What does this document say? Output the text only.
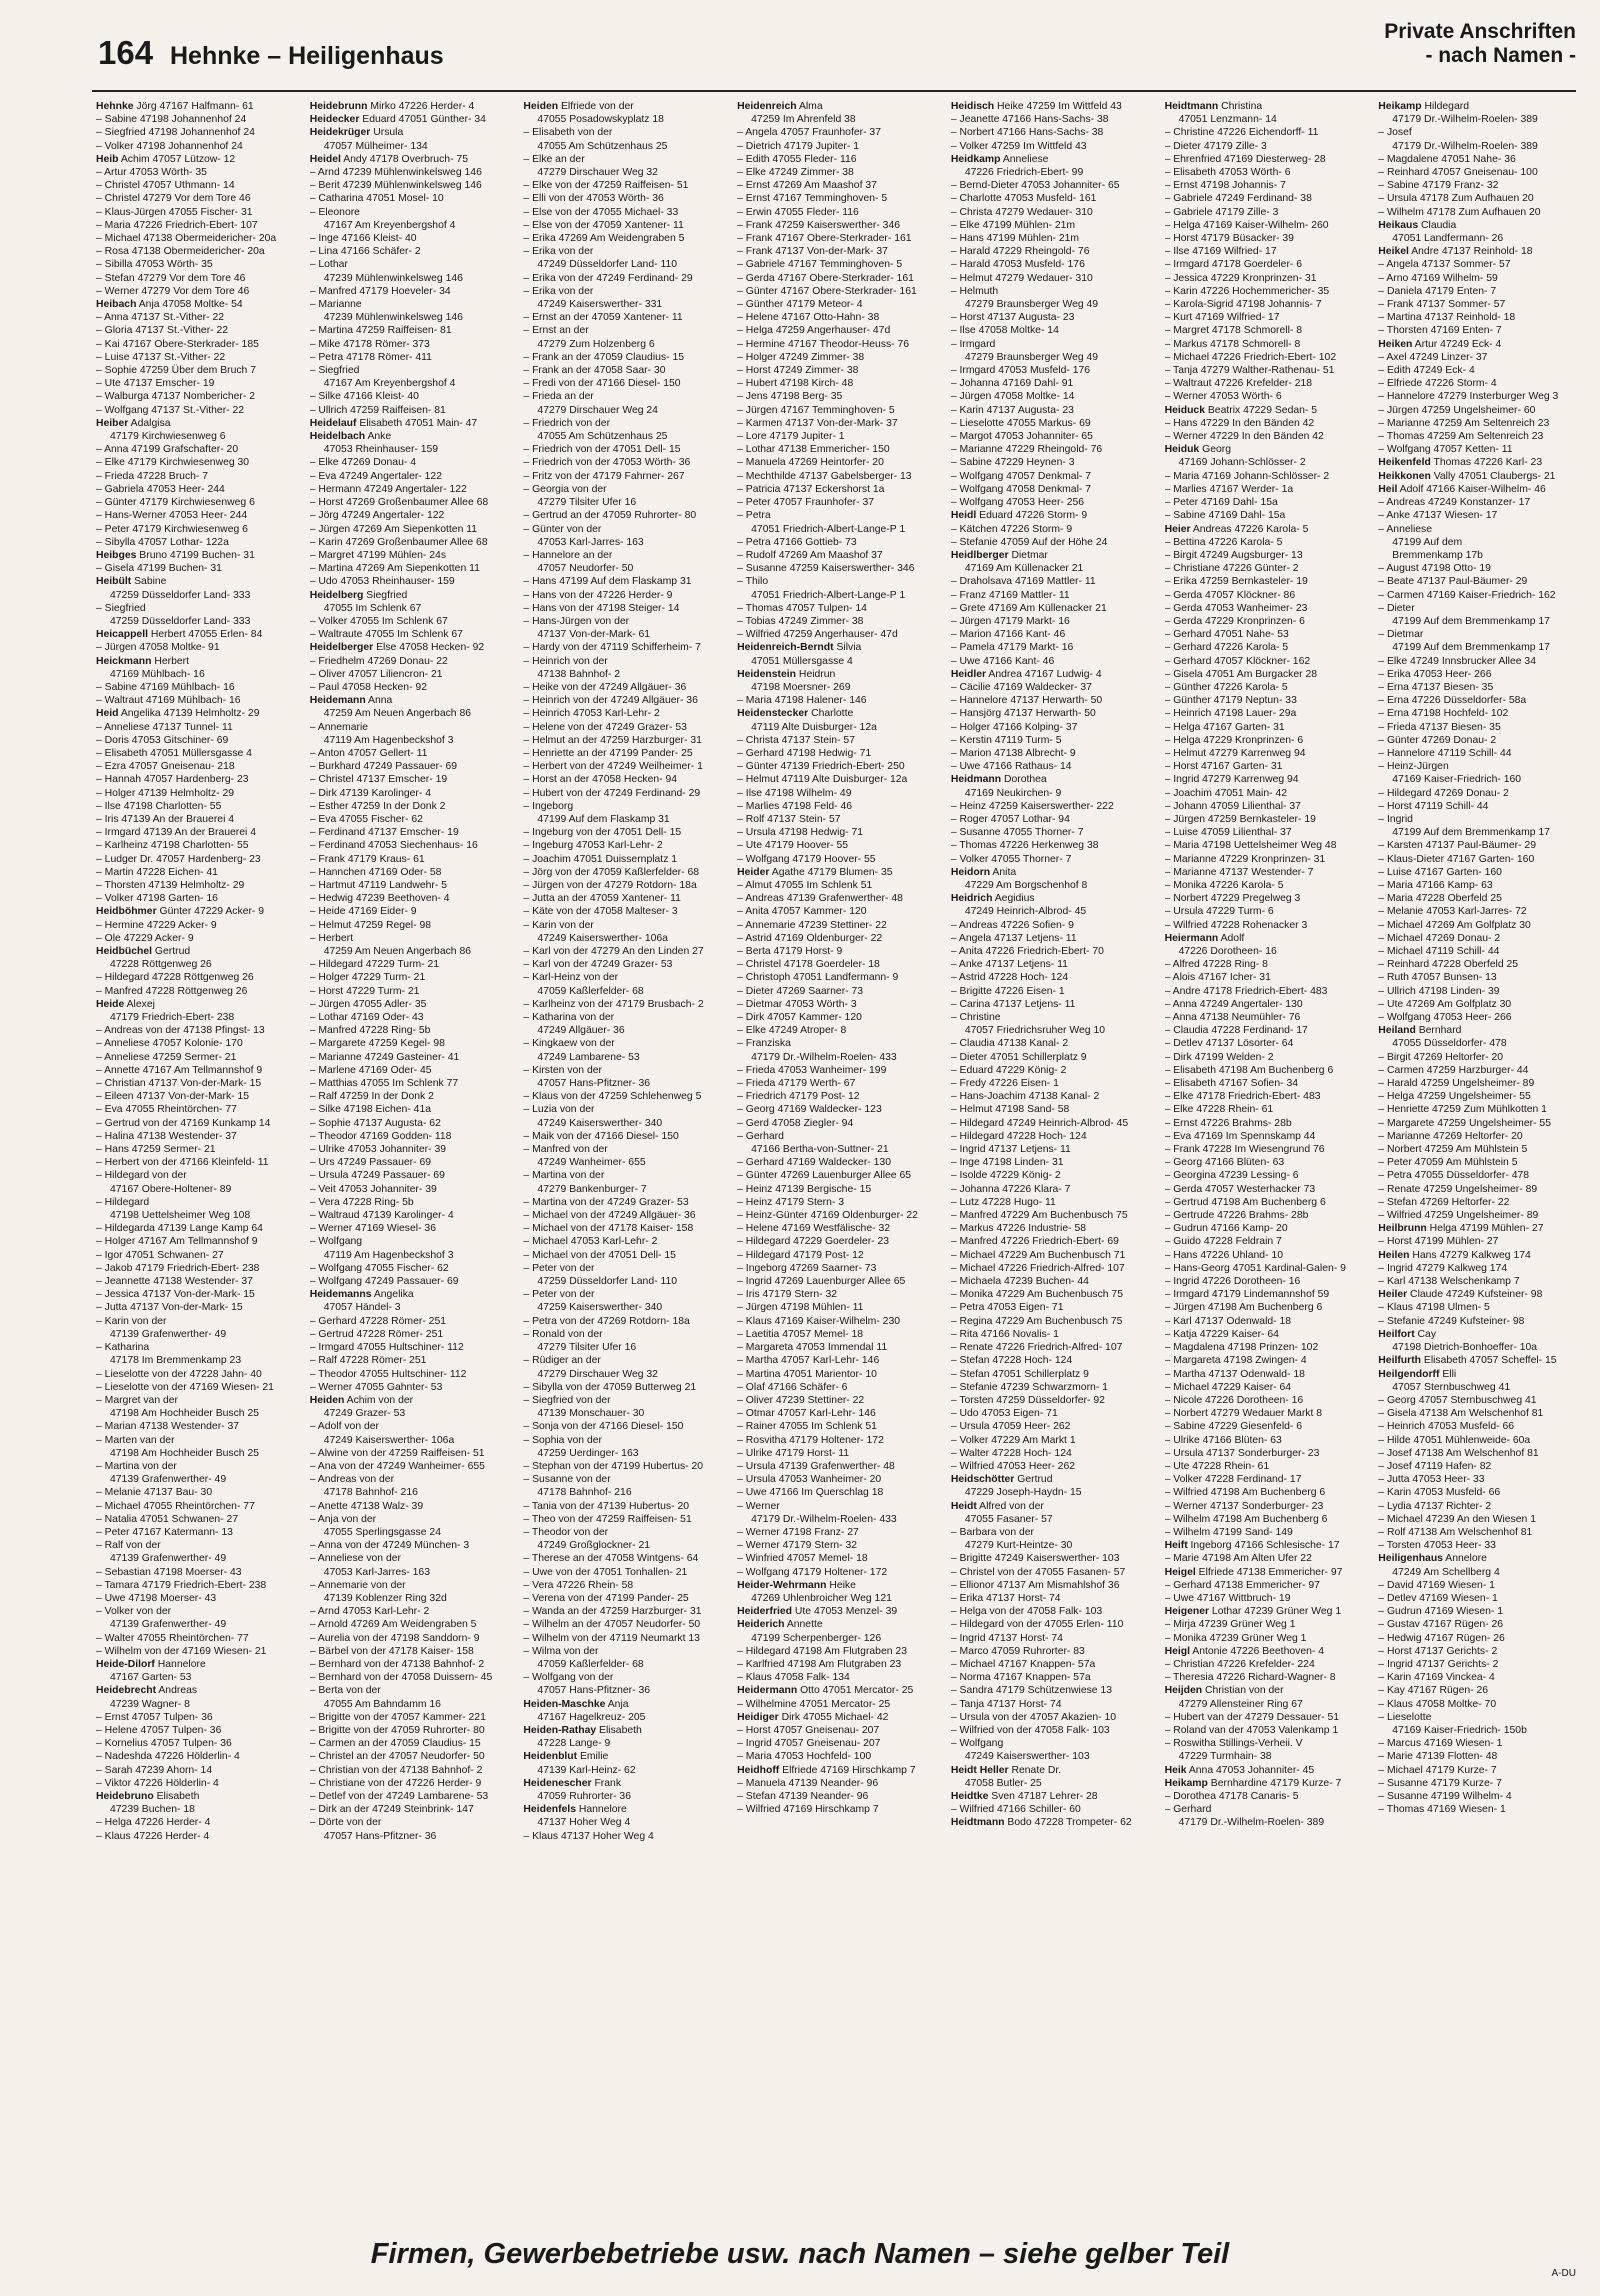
164 Hehnke – Heiligenhaus
Private Anschriften
- nach Namen -
Hehnke Jörg 47167 Halfmann- 61
– Sabine 47198 Johannenhof 24
– Siegfried 47198 Johannenhof 24
– Volker 47198 Johannenhof 24
Heib Achim 47057 Lützow- 12
– Artur 47053 Wörth- 35
– Christel 47057 Uthmann- 14
– Christel 47279 Vor dem Tore 46
– Klaus-Jürgen 47055 Fischer- 31
– Maria 47226 Friedrich-Ebert- 107
– Michael 47138 Obermeidericher- 20a
– Rosa 47138 Obermeidericher- 20a
– Sibilla 47053 Wörth- 35
– Stefan 47279 Vor dem Tore 46
– Werner 47279 Vor dem Tore 46
Heibach Anja 47058 Moltke- 54
– Anna 47137 St.-Vither- 22
– Gloria 47137 St.-Vither- 22
– Kai 47167 Obere-Sterkrader- 185
– Luise 47137 St.-Vither- 22
– Sophie 47259 Über dem Bruch 7
– Ute 47137 Emscher- 19
– Walburga 47137 Nombericher- 2
– Wolfgang 47137 St.-Vither- 22
Heiber Adalgisa
47179 Kirchwiesenweg 6
– Anna 47199 Grafschafter- 20
– Elke 47179 Kirchwiesenweg 30
– Frieda 47228 Bruch- 7
– Gabriela 47053 Heer- 244
– Günter 47179 Kirchwiesenweg 6
– Hans-Werner 47053 Heer- 244
– Peter 47179 Kirchwiesenweg 6
– Sibylla 47057 Lothar- 122a
Heibges Bruno 47199 Buchen- 31
– Gisela 47199 Buchen- 31
Heibült Sabine
47259 Düsseldorfer Land- 333
– Siegfried
47259 Düsseldorfer Land- 333
Heicappell Herbert 47055 Erlen- 84
– Jürgen 47058 Moltke- 91
Heickmann Herbert
47169 Mühlbach- 16
– Sabine 47169 Mühlbach- 16
– Waltraut 47169 Mühlbach- 16
Heid Angelika 47139 Helmholtz- 29
– Anneliese 47137 Tunnel- 11
– Doris 47053 Gitschiner- 69
– Elisabeth 47051 Müllersgasse 4
– Ezra 47057 Gneisenau- 218
– Hannah 47057 Hardenberg- 23
– Holger 47139 Helmholtz- 29
– Ilse 47198 Charlotten- 55
– Iris 47139 An der Brauerei 4
– Irmgard 47139 An der Brauerei 4
– Karlheinz 47198 Charlotten- 55
– Ludger Dr. 47057 Hardenberg- 23
– Martin 47228 Eichen- 41
– Thorsten 47139 Helmholtz- 29
– Volker 47198 Garten- 16
Heidböhmer Günter 47229 Acker- 9
– Hermine 47229 Acker- 9
– Ole 47229 Acker- 9
Heidbüchel Gertrud
47228 Röttgenweg 26
– Hildegard 47228 Röttgenweg 26
– Manfred 47228 Röttgenweg 26
Heide Alexej
47179 Friedrich-Ebert- 238
– Andreas von der 47138 Pfingst- 13
– Anneliese 47057 Kolonie- 170
– Anneliese 47259 Sermer- 21
– Annette 47167 Am Tellmannshof 9
– Christian 47137 Von-der-Mark- 15
– Eileen 47137 Von-der-Mark- 15
– Eva 47055 Rheintörchen- 77
– Gertrud von der 47169 Kunkamp 14
– Halina 47138 Westender- 37
– Hans 47259 Sermer- 21
– Herbert von der 47166 Kleinfeld- 11
– Hildegard von der
47167 Obere-Holtener- 89
– Hildegard
47198 Uettelsheimer Weg 108
– Hildegarda 47139 Lange Kamp 64
– Holger 47167 Am Tellmannshof 9
– Igor 47051 Schwanen- 27
– Jakob 47179 Friedrich-Ebert- 238
– Jeannette 47138 Westender- 37
– Jessica 47137 Von-der-Mark- 15
– Jutta 47137 Von-der-Mark- 15
– Karin von der
47139 Grafenwerther- 49
– Katharina
47178 Im Bremmenkamp 23
– Lieselotte von der 47228 Jahn- 40
– Lieselotte von der 47169 Wiesen- 21
– Margret van der
47198 Am Hochheider Busch 25
– Marian 47138 Westender- 37
– Marten van der
47198 Am Hochheider Busch 25
– Martina von der
47139 Grafenwerther- 49
– Melanie 47137 Bau- 30
– Michael 47055 Rheintörchen- 77
– Natalia 47051 Schwanen- 27
– Peter 47167 Katermann- 13
– Ralf von der
47139 Grafenwerther- 49
– Sebastian 47198 Moerser- 43
– Tamara 47179 Friedrich-Ebert- 238
– Uwe 47198 Moerser- 43
– Volker von der
47139 Grafenwerther- 49
– Walter 47055 Rheintörchen- 77
– Wilhelm von der 47169 Wiesen- 21
Heide-Dilorf Hannelore
47167 Garten- 53
Heidebrecht Andreas
47239 Wagner- 8
– Ernst 47057 Tulpen- 36
– Helene 47057 Tulpen- 36
– Kornelius 47057 Tulpen- 36
– Nadeshda 47226 Hölderlin- 4
– Sarah 47239 Ahorn- 14
– Viktor 47226 Hölderlin- 4
Heidebruno Elisabeth
47239 Buchen- 18
– Helga 47226 Herder- 4
– Klaus 47226 Herder- 4
Heidebrunn Mirko 47226 Herder- 4
Heidecker Eduard 47051 Günther- 34
Heidekrüger Ursula
47057 Mülheimer- 134
Heidel Andy 47178 Overbruch- 75
– Arnd 47239 Mühlenwinkelsweg 146
– Berit 47239 Mühlenwinkelsweg 146
– Catharina 47051 Mosel- 10
– Eleonore
47167 Am Kreyenbergshof 4
– Inge 47166 Kleist- 40
– Lina 47166 Schäfer- 2
– Lothar
47239 Mühlenwinkelsweg 146
– Manfred 47179 Hoeveler- 34
– Marianne
47239 Mühlenwinkelsweg 146
– Martina 47259 Raiffeisen- 81
– Mike 47178 Römer- 373
– Petra 47178 Römer- 411
– Siegfried
47167 Am Kreyenbergshof 4
– Silke 47166 Kleist- 40
– Ullrich 47259 Raiffeisen- 81
Heidelauf Elisabeth 47051 Main- 47
Heidelbach Anke
47053 Rheinhauser- 159
– Elke 47269 Donau- 4
– Eva 47249 Angertaler- 122
– Hermann 47249 Angertaler- 122
– Horst 47269 Großenbaumer Allee 68
– Jörg 47249 Angertaler- 122
– Jürgen 47269 Am Siepenkotten 11
– Karin 47269 Großenbaumer Allee 68
– Margret 47199 Mühlen- 24s
– Martina 47269 Am Siepenkotten 11
– Udo 47053 Rheinhauser- 159
Heidelberg Siegfried
47055 Im Schlenk 67
– Volker 47055 Im Schlenk 67
– Waltraute 47055 Im Schlenk 67
Heidelberger Else 47058 Hecken- 92
– Friedhelm 47269 Donau- 22
– Oliver 47057 Liliencron- 21
– Paul 47058 Hecken- 92
Heidemann Anna
47259 Am Neuen Angerbach 86
– Annemarie
47119 Am Hagenbeckshof 3
– Anton 47057 Gellert- 11
– Burkhard 47249 Passauer- 69
– Christel 47137 Emscher- 19
– Dirk 47139 Karolinger- 4
– Esther 47259 In der Donk 2
– Eva 47055 Fischer- 62
– Ferdinand 47137 Emscher- 19
– Ferdinand 47053 Siechenhaus- 16
– Frank 47179 Kraus- 61
– Hannchen 47169 Oder- 58
– Hartmut 47119 Landwehr- 5
– Hedwig 47239 Beethoven- 4
– Heide 47169 Eider- 9
– Helmut 47259 Regel- 98
– Herbert
47259 Am Neuen Angerbach 86
– Hildegard 47229 Turm- 21
– Holger 47229 Turm- 21
– Horst 47229 Turm- 21
– Jürgen 47055 Adler- 35
– Lothar 47169 Oder- 43
– Manfred 47228 Ring- 5b
– Margarete 47259 Kegel- 98
– Marianne 47249 Gasteiner- 41
– Marlene 47169 Oder- 45
– Matthias 47055 Im Schlenk 77
– Ralf 47259 In der Donk 2
– Silke 47198 Eichen- 41a
– Sophie 47137 Augusta- 62
– Theodor 47169 Godden- 118
– Ulrike 47053 Johanniter- 39
– Urs 47249 Passauer- 69
– Ursula 47249 Passauer- 69
– Veit 47053 Johanniter- 39
– Vera 47228 Ring- 5b
– Waltraud 47139 Karolinger- 4
– Werner 47169 Wiesel- 36
– Wolfgang
47119 Am Hagenbeckshof 3
– Wolfgang 47055 Fischer- 62
– Wolfgang 47249 Passauer- 69
Heidemanns Angelika
47057 Händel- 3
– Gerhard 47228 Römer- 251
– Gertrud 47228 Römer- 251
– Irmgard 47055 Hultschiner- 112
– Ralf 47228 Römer- 251
– Theodor 47055 Hultschiner- 112
– Werner 47055 Gahnter- 53
Heiden Achim von der
47249 Grazer- 53
– Adolf von der
47249 Kaiserswerther- 106a
– Alwine von der 47259 Raiffeisen- 51
– Ana von der 47249 Wanheimer- 655
– Andreas von der
47178 Bahnhof- 216
– Anette 47138 Walz- 39
– Anja von der
47055 Sperlingsgasse 24
– Anna von der 47249 München- 3
– Anneliese von der
47053 Karl-Jarres- 163
– Annemarie von der
47139 Koblenzer Ring 32d
– Arnd 47053 Karl-Lehr- 2
– Arnold 47269 Am Weidengraben 5
– Aurelia von der 47198 Sanddorn- 9
– Bärbel von der 47178 Kaiser- 158
– Bernhard von der 47138 Bahnhof- 2
– Bernhard von der 47058 Duissern- 45
– Berta von der
47055 Am Bahndamm 16
– Brigitte von der 47057 Kammer- 221
– Brigitte von der 47059 Ruhrorter- 80
– Carmen an der 47059 Claudius- 15
– Christel an der 47057 Neudorfer- 50
– Christian von der 47138 Bahnhof- 2
– Christiane von der 47226 Herder- 9
– Detlef von der 47249 Lambarene- 53
– Dirk an der 47249 Steinbrink- 147
– Dörte von der
47057 Hans-Pfitzner- 36
Heiden Elfriede von der
47055 Posadowskyplatz 18
– Elisabeth von der
47055 Am Schützenhaus 25
– Elke an der
47279 Dirschauer Weg 32
– Elke von der 47259 Raiffeisen- 51
– Elli von der 47053 Wörth- 36
– Else von der 47055 Michael- 33
– Else von der 47059 Xantener- 11
– Erika 47269 Am Weidengraben 5
– Erika von der
47249 Düsseldorfer Land- 110
– Erika von der 47249 Ferdinand- 29
– Erika von der
47249 Kaiserswerther- 331
– Ernst an der 47059 Xantener- 11
– Ernst an der
47279 Zum Holzenberg 6
– Frank an der 47059 Claudius- 15
– Frank an der 47058 Saar- 30
– Fredi von der 47166 Diesel- 150
– Frieda an der
47279 Dirschauer Weg 24
– Friedrich von der
47055 Am Schützenhaus 25
– Friedrich von der 47051 Dell- 15
– Friedrich von der 47053 Wörth- 36
– Fritz von der 47179 Fahrner- 267
– Georgia von der
47279 Tilsiter Ufer 16
– Gertrud an der 47059 Ruhrorter- 80
– Günter von der
47053 Karl-Jarres- 163
– Hannelore an der
47057 Neudorfer- 50
– Hans 47199 Auf dem Flaskamp 31
– Hans von der 47226 Herder- 9
– Hans von der 47198 Steiger- 14
– Hans-Jürgen von der
47137 Von-der-Mark- 61
– Hardy von der 47119 Schifferheim- 7
– Heinrich von der
47138 Bahnhof- 2
– Heike von der 47249 Allgäuer- 36
– Heinrich von der 47249 Allgäuer- 36
– Heinrich 47053 Karl-Lehr- 2
– Helene von der 47249 Grazer- 53
– Helmut an der 47259 Harzburger- 31
– Henriette an der 47199 Pander- 25
– Herbert von der 47249 Weilheimer- 1
– Horst an der 47058 Hecken- 94
– Hubert von der 47249 Ferdinand- 29
– Ingeborg
47199 Auf dem Flaskamp 31
– Ingeburg von der 47051 Dell- 15
– Ingeburg 47053 Karl-Lehr- 2
– Joachim 47051 Duissernplatz 1
– Jörg von der 47059 Kaßlerfelder- 68
– Jürgen von der 47279 Rotdorn- 18a
– Jutta an der 47059 Xantener- 11
– Käte von der 47058 Malteser- 3
– Karin von der
47249 Kaiserswerther- 106a
– Karl von der 47279 An den Linden 27
– Karl von der 47249 Grazer- 53
– Karl-Heinz von der
47059 Kaßlerfelder- 68
– Karlheinz von der 47179 Brusbach- 2
– Katharina von der
47249 Allgäuer- 36
– Kingkaew von der
47249 Lambarene- 53
– Kirsten von der
47057 Hans-Pfitzner- 36
– Klaus von der 47259 Schlehenweg 5
– Luzia von der
47249 Kaiserswerther- 340
– Maik von der 47166 Diesel- 150
– Manfred von der
47249 Wanheimer- 655
– Martina von der
47279 Bankenburger- 7
– Martina von der 47249 Grazer- 53
– Michael von der 47249 Allgäuer- 36
– Michael von der 47178 Kaiser- 158
– Michael 47053 Karl-Lehr- 2
– Michael von der 47051 Dell- 15
– Peter von der
47259 Düsseldorfer Land- 110
– Peter von der
47259 Kaiserswerther- 340
– Petra von der 47269 Rotdorn- 18a
– Ronald von der
47279 Tilsiter Ufer 16
– Rüdiger an der
47279 Dirschauer Weg 32
– Sibylla von der 47059 Butterweg 21
– Siegfried von der
47139 Monschauer- 30
– Sonja von der 47166 Diesel- 150
– Sophia von der
47259 Uerdinger- 163
– Stephan von der 47199 Hubertus- 20
– Susanne von der
47178 Bahnhof- 216
– Tania von der 47139 Hubertus- 20
– Theo von der 47259 Raiffeisen- 51
– Theodor von der
47249 Großglockner- 21
– Therese an der 47058 Wintgens- 64
– Uwe von der 47051 Tonhallen- 21
– Vera 47226 Rhein- 58
– Verena von der 47199 Pander- 25
– Wanda an der 47259 Harzburger- 31
– Wilhelm an der 47057 Neudorfer- 50
– Wilhelm von der 47119 Neumarkt 13
– Wilma von der
47059 Kaßlerfelder- 68
– Wolfgang von der
47057 Hans-Pfitzner- 36
Heiden-Maschke Anja
47167 Hagelkreuz- 205
Heiden-Rathay Elisabeth
47228 Lange- 9
Heidenblut Emilie
47139 Karl-Heinz- 62
Heidenescher Frank
47059 Ruhrorter- 36
Heidenfels Hannelore
47137 Hoher Weg 4
– Klaus 47137 Hoher Weg 4
Heidenreich Alma
47259 Im Ahrenfeld 38
– Angela 47057 Fraunhofer- 37
– Dietrich 47179 Jupiter- 1
– Edith 47055 Fleder- 116
– Elke 47249 Zimmer- 38
– Ernst 47269 Am Maashof 37
– Ernst 47167 Temminghoven- 5
– Erwin 47055 Fleder- 116
– Frank 47259 Kaiserswerther- 346
– Frank 47167 Obere-Sterkrader- 161
– Frank 47137 Von-der-Mark- 37
– Gabriele 47167 Temminghoven- 5
– Gerda 47167 Obere-Sterkrader- 161
– Günter 47167 Obere-Sterkrader- 161
– Günther 47179 Meteor- 4
– Helene 47167 Otto-Hahn- 38
– Helga 47259 Angerhauser- 47d
– Hermine 47167 Theodor-Heuss- 76
– Holger 47249 Zimmer- 38
– Horst 47249 Zimmer- 38
– Hubert 47198 Kirch- 48
– Jens 47198 Berg- 35
– Jürgen 47167 Temminghoven- 5
– Karmen 47137 Von-der-Mark- 37
– Lore 47179 Jupiter- 1
– Lothar 47138 Emmericher- 150
– Manuela 47269 Heintorfer- 20
– Mechthilde 47137 Gabelsberger- 13
– Patricia 47137 Eckershorst 1a
– Peter 47057 Fraunhofer- 37
– Petra
47051 Friedrich-Albert-Lange-P 1
– Petra 47166 Gottieb- 73
– Rudolf 47269 Am Maashof 37
– Susanne 47259 Kaiserswerther- 346
– Thilo
47051 Friedrich-Albert-Lange-P 1
– Thomas 47057 Tulpen- 14
– Tobias 47249 Zimmer- 38
– Wilfried 47259 Angerhauser- 47d
Heidenreich-Berndt Silvia
47051 Müllersgasse 4
Heidenstein Heidrun
47198 Moersner- 269
– Maria 47198 Halener- 146
Heidenstecker Charlotte
47119 Alte Duisburger- 12a
– Christa 47137 Stein- 57
– Gerhard 47198 Hedwig- 71
– Günter 47139 Friedrich-Ebert- 250
– Helmut 47119 Alte Duisburger- 12a
– Ilse 47198 Wilhelm- 49
– Marlies 47198 Feld- 46
– Rolf 47137 Stein- 57
– Ursula 47198 Hedwig- 71
– Ute 47179 Hoover- 55
– Wolfgang 47179 Hoover- 55
Heider Agathe 47179 Blumen- 35
– Almut 47055 Im Schlenk 51
– Andreas 47139 Grafenwerther- 48
– Anita 47057 Kammer- 120
– Annemarie 47239 Stettiner- 22
– Astrid 47169 Oldenburger- 22
– Berta 47179 Horst- 9
– Christel 47178 Goerdeler- 18
– Christoph 47051 Landfermann- 9
– Dieter 47269 Saarner- 73
– Dietmar 47053 Wörth- 3
– Dirk 47057 Kammer- 120
– Elke 47249 Atroper- 8
– Franziska
47179 Dr.-Wilhelm-Roelen- 433
– Frieda 47053 Wanheimer- 199
– Frieda 47179 Werth- 67
– Friedrich 47179 Post- 12
– Georg 47169 Waldecker- 123
– Gerd 47058 Ziegler- 94
– Gerhard
47166 Bertha-von-Suttner- 21
– Gerhard 47169 Waldecker- 130
– Günter 47269 Lauenburger Allee 65
– Heinz 47139 Bergische- 15
– Heinz 47179 Stern- 3
– Heinz-Günter 47169 Oldenburger- 22
– Helene 47169 Westfälische- 32
– Hildegard 47229 Goerdeler- 23
– Hildegard 47179 Post- 12
– Ingeborg 47269 Saarner- 73
– Ingrid 47269 Lauenburger Allee 65
– Iris 47179 Stern- 32
– Jürgen 47198 Mühlen- 11
– Klaus 47169 Kaiser-Wilhelm- 230
– Laetitia 47057 Memel- 18
– Margareta 47053 Immendal 11
– Martha 47057 Karl-Lehr- 146
– Martina 47051 Marientor- 10
– Olaf 47166 Schäfer- 6
– Oliver 47239 Stettiner- 22
– Otmar 47057 Karl-Lehr- 146
– Rainer 47055 Im Schlenk 51
– Rosvitha 47179 Holtener- 172
– Ulrike 47179 Horst- 11
– Ursula 47139 Grafenwerther- 48
– Ursula 47053 Wanheimer- 20
– Uwe 47166 Im Querschlag 18
– Werner
47179 Dr.-Wilhelm-Roelen- 433
– Werner 47198 Franz- 27
– Werner 47179 Stern- 32
– Winfried 47057 Memel- 18
– Wolfgang 47179 Holtener- 172
Heider-Wehrmann Heike
47269 Uhlenbroicher Weg 121
Heiderfried Ute 47053 Menzel- 39
Heiderich Annette
47199 Scherpenberger- 126
– Hildegard 47198 Am Flutgraben 23
– Karlfried 47198 Am Flutgraben 23
– Klaus 47058 Falk- 134
Heidermann Otto 47051 Mercator- 25
– Wilhelmine 47051 Mercator- 25
Heidiger Dirk 47055 Michael- 42
– Horst 47057 Gneisenau- 207
– Ingrid 47057 Gneisenau- 207
– Maria 47053 Hochfeld- 100
Heidhoff Elfriede 47169 Hirschkamp 7
– Manuela 47139 Neander- 96
– Stefan 47139 Neander- 96
– Wilfried 47169 Hirschkamp 7
Heidisch Heike 47259 Im Wittfeld 43
– Jeanette 47166 Hans-Sachs- 38
– Norbert 47166 Hans-Sachs- 38
– Volker 47259 Im Wittfeld 43
Heidkamp Anneliese
47226 Friedrich-Ebert- 99
– Bernd-Dieter 47053 Johanniter- 65
– Charlotte 47053 Musfeld- 161
– Christa 47279 Wedauer- 310
– Elke 47199 Mühlen- 21m
– Hans 47199 Mühlen- 21m
– Harald 47229 Rheingold- 76
– Harald 47053 Musfeld- 176
– Helmut 47279 Wedauer- 310
– Helmuth
47279 Braunsberger Weg 49
– Horst 47137 Augusta- 23
– Ilse 47058 Moltke- 14
– Irmgard
47279 Braunsberger Weg 49
– Irmgard 47053 Musfeld- 176
– Johanna 47169 Dahl- 91
– Jürgen 47058 Moltke- 14
– Karin 47137 Augusta- 23
– Lieselotte 47055 Markus- 69
– Margot 47053 Johanniter- 65
– Marianne 47229 Rheingold- 76
– Sabine 47229 Heynen- 3
– Wolfgang 47057 Denkmal- 7
– Wolfgang 47058 Denkmal- 7
– Wolfgang 47053 Heer- 256
Heidl Eduard 47226 Storm- 9
– Kätchen 47226 Storm- 9
– Stefanie 47059 Auf der Höhe 24
Heidlberger Dietmar
47169 Am Küllenacker 21
– Draholsava 47169 Mattler- 11
– Franz 47169 Mattler- 11
– Grete 47169 Am Küllenacker 21
– Jürgen 47179 Markt- 16
– Marion 47166 Kant- 46
– Pamela 47179 Markt- 16
– Uwe 47166 Kant- 46
Heidler Andrea 47167 Ludwig- 4
– Cäcilie 47169 Waldecker- 37
– Hannelore 47137 Herwarth- 50
– Hansjörg 47137 Herwarth- 50
– Holger 47166 Kolping- 37
– Kerstin 47119 Turm- 5
– Marion 47138 Albrecht- 9
– Uwe 47166 Rathaus- 14
Heidmann Dorothea
47169 Neukirchen- 9
– Heinz 47259 Kaiserswerther- 222
– Roger 47057 Lothar- 94
– Susanne 47055 Thorner- 7
– Thomas 47226 Herkenweg 38
– Volker 47055 Thorner- 7
Heidorn Anita
47229 Am Borgschenhof 8
Heidrich Aegidius
47249 Heinrich-Albrod- 45
– Andreas 47226 Sofien- 9
– Angela 47137 Letjens- 11
– Anita 47226 Friedrich-Ebert- 70
– Anke 47137 Letjens- 11
– Astrid 47228 Hoch- 124
– Brigitte 47226 Eisen- 1
– Carina 47137 Letjens- 11
– Christine
47057 Friedrichsruher Weg 10
– Claudia 47138 Kanal- 2
– Dieter 47051 Schillerplatz 9
– Eduard 47229 König- 2
– Fredy 47226 Eisen- 1
– Hans-Joachim 47138 Kanal- 2
– Helmut 47198 Sand- 58
– Hildegard 47249 Heinrich-Albrod- 45
– Hildegard 47228 Hoch- 124
– Ingrid 47137 Letjens- 11
– Inge 47198 Linden- 31
– Isolde 47229 König- 2
– Johanna 47226 Klara- 7
– Lutz 47228 Hugo- 11
– Manfred 47229 Am Buchenbusch 75
– Markus 47226 Industrie- 58
– Manfred 47226 Friedrich-Ebert- 69
– Michael 47229 Am Buchenbusch 71
– Michael 47226 Friedrich-Alfred- 107
– Michaela 47239 Buchen- 44
– Monika 47229 Am Buchenbusch 75
– Petra 47053 Eigen- 71
– Regina 47229 Am Buchenbusch 75
– Rita 47166 Novalis- 1
– Renate 47226 Friedrich-Alfred- 107
– Stefan 47228 Hoch- 124
– Stefan 47051 Schillerplatz 9
– Stefanie 47239 Schwarzmorn- 1
– Torsten 47259 Düsseldorfer- 92
– Udo 47053 Eigen- 71
– Ursula 47059 Heer- 262
– Volker 47229 Am Markt 1
– Walter 47228 Hoch- 124
– Wilfried 47053 Heer- 262
Heidschötter Gertrud
47229 Joseph-Haydn- 15
Heidt Alfred von der
47055 Fasaner- 57
– Barbara von der
47279 Kurt-Heintze- 30
– Brigitte 47249 Kaiserswerther- 103
– Christel von der 47055 Fasanen- 57
– Ellionor 47137 Am Mismahlshof 36
– Erika 47137 Horst- 74
– Helga von der 47058 Falk- 103
– Hildegard von der 47055 Erlen- 110
– Ingrid 47137 Horst- 74
– Marco 47059 Ruhrorter- 83
– Michael 47167 Knappen- 57a
– Norma 47167 Knappen- 57a
– Sandra 47179 Schützenwiese 13
– Tanja 47137 Horst- 74
– Ursula von der 47057 Akazien- 10
– Wilfried von der 47058 Falk- 103
– Wolfgang
47249 Kaiserswerther- 103
Heidt Heller Renate Dr.
47058 Butler- 25
Heidtke Sven 47187 Lehrer- 28
– Wilfried 47166 Schiller- 60
Heidtmann Bodo 47228 Trompeter- 62
Heidtmann Christina
47051 Lenzmann- 14
– Christine 47226 Eichendorff- 11
– Dieter 47179 Zille- 3
– Ehrenfried 47169 Diesterweg- 28
– Elisabeth 47053 Wörth- 6
– Ernst 47198 Johannis- 7
– Gabriele 47249 Ferdinand- 38
– Gabriele 47179 Zille- 3
– Helga 47169 Kaiser-Wilhelm- 260
– Horst 47179 Büsacker- 39
– Ilse 47169 Wilfried- 17
– Irmgard 47178 Goerdeler- 6
– Jessica 47229 Kronprinzen- 31
– Karin 47226 Hochemmericher- 35
– Karola-Sigrid 47198 Johannis- 7
– Kurt 47169 Wilfried- 17
– Margret 47178 Schmorell- 8
– Markus 47178 Schmorell- 8
– Michael 47226 Friedrich-Ebert- 102
– Tanja 47279 Walther-Rathenau- 51
– Waltraut 47226 Krefelder- 218
– Werner 47053 Wörth- 6
Heiduck Beatrix 47229 Sedan- 5
– Hans 47229 In den Bänden 42
– Werner 47229 In den Bänden 42
Heiduk Georg
47169 Johann-Schlösser- 2
– Maria 47169 Johann-Schlösser- 2
– Marlies 47167 Werder- 1a
– Peter 47169 Dahl- 15a
– Sabine 47169 Dahl- 15a
Heier Andreas 47226 Karola- 5
– Bettina 47226 Karola- 5
– Birgit 47249 Augsburger- 13
– Christiane 47226 Günter- 2
– Erika 47259 Bernkasteler- 19
– Gerda 47057 Klöckner- 86
– Gerda 47053 Wanheimer- 23
– Gerda 47229 Kronprinzen- 6
– Gerhard 47051 Nahe- 53
– Gerhard 47226 Karola- 5
– Gerhard 47057 Klöckner- 162
– Gisela 47051 Am Burgacker 28
– Günther 47226 Karola- 5
– Günther 47179 Neptun- 33
– Heinrich 47198 Lauer- 29a
– Helga 47167 Garten- 31
– Helga 47229 Kronprinzen- 6
– Helmut 47279 Karrenweg 94
– Horst 47167 Garten- 31
– Ingrid 47279 Karrenweg 94
– Joachim 47051 Main- 42
– Johann 47059 Lilienthal- 37
– Jürgen 47259 Bernkasteler- 19
– Luise 47059 Lilienthal- 37
– Maria 47198 Uettelsheimer Weg 48
– Marianne 47229 Kronprinzen- 31
– Marianne 47137 Westender- 7
– Monika 47226 Karola- 5
– Norbert 47229 Pregelweg 3
– Ursula 47229 Turm- 6
– Wilfried 47228 Rohenacker 3
Heiermann Adolf
47226 Dorotheen- 16
– Alfred 47228 Ring- 8
– Alois 47167 Icher- 31
– Andre 47178 Friedrich-Ebert- 483
– Anna 47249 Angertaler- 130
– Anna 47138 Neumühler- 76
– Claudia 47228 Ferdinand- 17
– Detlev 47137 Lösorter- 64
– Dirk 47199 Welden- 2
– Elisabeth 47198 Am Buchenberg 6
– Elisabeth 47167 Sofien- 34
– Elke 47178 Friedrich-Ebert- 483
– Elke 47228 Rhein- 61
– Ernst 47226 Brahms- 28b
– Eva 47169 Im Spennskamp 44
– Frank 47228 Im Wiesengrund 76
– Georg 47166 Blüten- 63
– Georgina 47239 Lessing- 6
– Gerda 47057 Westerhacker 73
– Gertrud 47198 Am Buchenberg 6
– Gertrude 47226 Brahms- 28b
– Gudrun 47166 Kamp- 20
– Guido 47228 Feldrain 7
– Hans 47226 Uhland- 10
– Hans-Georg 47051 Kardinal-Galen- 9
– Ingrid 47226 Dorotheen- 16
– Irmgard 47179 Lindemannshof 59
– Jürgen 47198 Am Buchenberg 6
– Karl 47137 Odenwald- 18
– Katja 47229 Kaiser- 64
– Magdalena 47198 Prinzen- 102
– Margareta 47198 Zwingen- 4
– Martha 47137 Odenwald- 18
– Michael 47229 Kaiser- 64
– Nicole 47226 Dorotheen- 16
– Norbert 47279 Wedauer Markt 8
– Sabine 47229 Giesenfeld- 6
– Ulrike 47166 Blüten- 63
– Ursula 47137 Sonderburger- 23
– Ute 47228 Rhein- 61
– Volker 47228 Ferdinand- 17
– Wilfried 47198 Am Buchenberg 6
– Werner 47137 Sonderburger- 23
– Wilhelm 47198 Am Buchenberg 6
– Wilhelm 47199 Sand- 149
Heift Ingeborg 47166 Schlesische- 17
– Marie 47198 Am Alten Ufer 22
Heigel Elfriede 47138 Emmericher- 97
– Gerhard 47138 Emmericher- 97
– Uwe 47167 Wittbruch- 19
Heigener Lothar 47239 Grüner Weg 1
– Mirja 47239 Grüner Weg 1
– Monika 47239 Grüner Weg 1
Heigl Antonie 47226 Beethoven- 4
– Christian 47226 Krefelder- 224
– Theresia 47226 Richard-Wagner- 8
Heijden Christian von der
47279 Allensteiner Ring 67
– Hubert van der 47279 Dessauer- 51
– Roland van der 47053 Valenkamp 1
– Roswitha Stillings-Verheii. V
47229 Turmhain- 38
Heik Anna 47053 Johanniter- 45
Heikamp Bernhardine 47179 Kurze- 7
– Dorothea 47178 Canaris- 5
– Gerhard
47179 Dr.-Wilhelm-Roelen- 389
Heikamp Hildegard
47179 Dr.-Wilhelm-Roelen- 389
– Josef
47179 Dr.-Wilhelm-Roelen- 389
– Magdalene 47051 Nahe- 36
– Reinhard 47057 Gneisenau- 100
– Sabine 47179 Franz- 32
– Ursula 47178 Zum Aufhauen 20
– Wilhelm 47178 Zum Aufhauen 20
Heikaus Claudia
47051 Landfermann- 26
Heikel Andre 47137 Reinhold- 18
– Angela 47137 Sommer- 57
– Arno 47169 Wilhelm- 59
– Daniela 47179 Enten- 7
– Frank 47137 Sommer- 57
– Martina 47137 Reinhold- 18
– Thorsten 47169 Enten- 7
Heiken Artur 47249 Eck- 4
– Axel 47249 Linzer- 37
– Edith 47249 Eck- 4
– Elfriede 47226 Storm- 4
– Hannelore 47279 Insterburger Weg 3
– Jürgen 47259 Ungelsheimer- 60
– Marianne 47259 Am Seltenreich 23
– Thomas 47259 Am Seltenreich 23
– Wolfgang 47057 Ketten- 11
Heikenfeld Thomas 47226 Karl- 23
Heikkonen Vally 47051 Claubergs- 21
Heil Adolf 47166 Kaiser-Wilhelm- 46
– Andreas 47249 Konstanzer- 17
– Anke 47137 Wiesen- 17
– Anneliese
47199 Auf dem
Bremmenkamp 17b
– August 47198 Otto- 19
– Beate 47137 Paul-Bäumer- 29
– Carmen 47169 Kaiser-Friedrich- 162
– Dieter
47199 Auf dem Bremmenkamp 17
– Dietmar
47199 Auf dem Bremmenkamp 17
– Elke 47249 Innsbrucker Allee 34
– Erika 47053 Heer- 266
– Erna 47137 Biesen- 35
– Erna 47226 Düsseldorfer- 58a
– Erna 47198 Hochfeld- 102
– Frieda 47137 Biesen- 35
– Günter 47269 Donau- 2
– Hannelore 47119 Schill- 44
– Heinz-Jürgen
47169 Kaiser-Friedrich- 160
– Hildegard 47269 Donau- 2
– Horst 47119 Schill- 44
– Ingrid
47199 Auf dem Bremmenkamp 17
– Karsten 47137 Paul-Bäumer- 29
– Klaus-Dieter 47167 Garten- 160
– Luise 47167 Garten- 160
– Maria 47166 Kamp- 63
– Maria 47228 Oberfeld 25
– Melanie 47053 Karl-Jarres- 72
– Michael 47269 Am Golfplatz 30
– Michael 47269 Donau- 2
– Michael 47119 Schill- 44
– Reinhard 47228 Oberfeld 25
– Ruth 47057 Bunsen- 13
– Ullrich 47198 Linden- 39
– Ute 47269 Am Golfplatz 30
– Wolfgang 47053 Heer- 266
Heiland Bernhard
47055 Düsseldorfer- 478
– Birgit 47269 Heltorfer- 20
– Carmen 47259 Harzburger- 44
– Harald 47259 Ungelsheimer- 89
– Helga 47259 Ungelsheimer- 55
– Henriette 47259 Zum Mühlkotten 1
– Margarete 47259 Ungelsheimer- 55
– Marianne 47269 Heltorfer- 20
– Norbert 47259 Am Mühlstein 5
– Peter 47059 Am Mühlstein 5
– Petra 47055 Düsseldorfer- 478
– Renate 47259 Ungelsheimer- 89
– Stefan 47269 Heltorfer- 22
– Wilfried 47259 Ungelsheimer- 89
Heilbrunn Helga 47199 Mühlen- 27
– Horst 47199 Mühlen- 27
Heilen Hans 47279 Kalkweg 174
– Ingrid 47279 Kalkweg 174
– Karl 47138 Welschenkamp 7
Heiler Claude 47249 Kufsteiner- 98
– Klaus 47198 Ulmen- 5
– Stefanie 47249 Kufsteiner- 98
Heilfort Cay
47198 Dietrich-Bonhoeffer- 10a
Heilfurth Elisabeth 47057 Scheffel- 15
Heilgendorff Elli
47057 Sternbuschweg 41
– Georg 47057 Sternbuschweg 41
– Gisela 47138 Am Welschenhof 81
– Heinrich 47053 Musfeld- 66
– Hilde 47051 Mühlenweide- 60a
– Josef 47138 Am Welschenhof 81
– Josef 47119 Hafen- 82
– Jutta 47053 Heer- 33
– Karin 47053 Musfeld- 66
– Lydia 47137 Richter- 2
– Michael 47239 An den Wiesen 1
– Rolf 47138 Am Welschenhof 81
– Torsten 47053 Heer- 33
Heiligenhaus Annelore
47249 Am Schellberg 4
– David 47169 Wiesen- 1
– Detlev 47169 Wiesen- 1
– Gudrun 47169 Wiesen- 1
– Gustav 47167 Rügen- 26
– Hedwig 47167 Rügen- 26
– Horst 47137 Gerichts- 2
– Ingrid 47137 Gerichts- 2
– Karin 47169 Vinckea- 4
– Kay 47167 Rügen- 26
– Klaus 47058 Moltke- 70
– Lieselotte
47169 Kaiser-Friedrich- 150b
– Marcus 47169 Wiesen- 1
– Marie 47139 Flotten- 48
– Michael 47179 Kurze- 7
– Susanne 47179 Kurze- 7
– Susanne 47199 Wilhelm- 4
– Thomas 47169 Wiesen- 1
Firmen, Gewerbebetriebe usw. nach Namen – siehe gelber Teil
A-DU
